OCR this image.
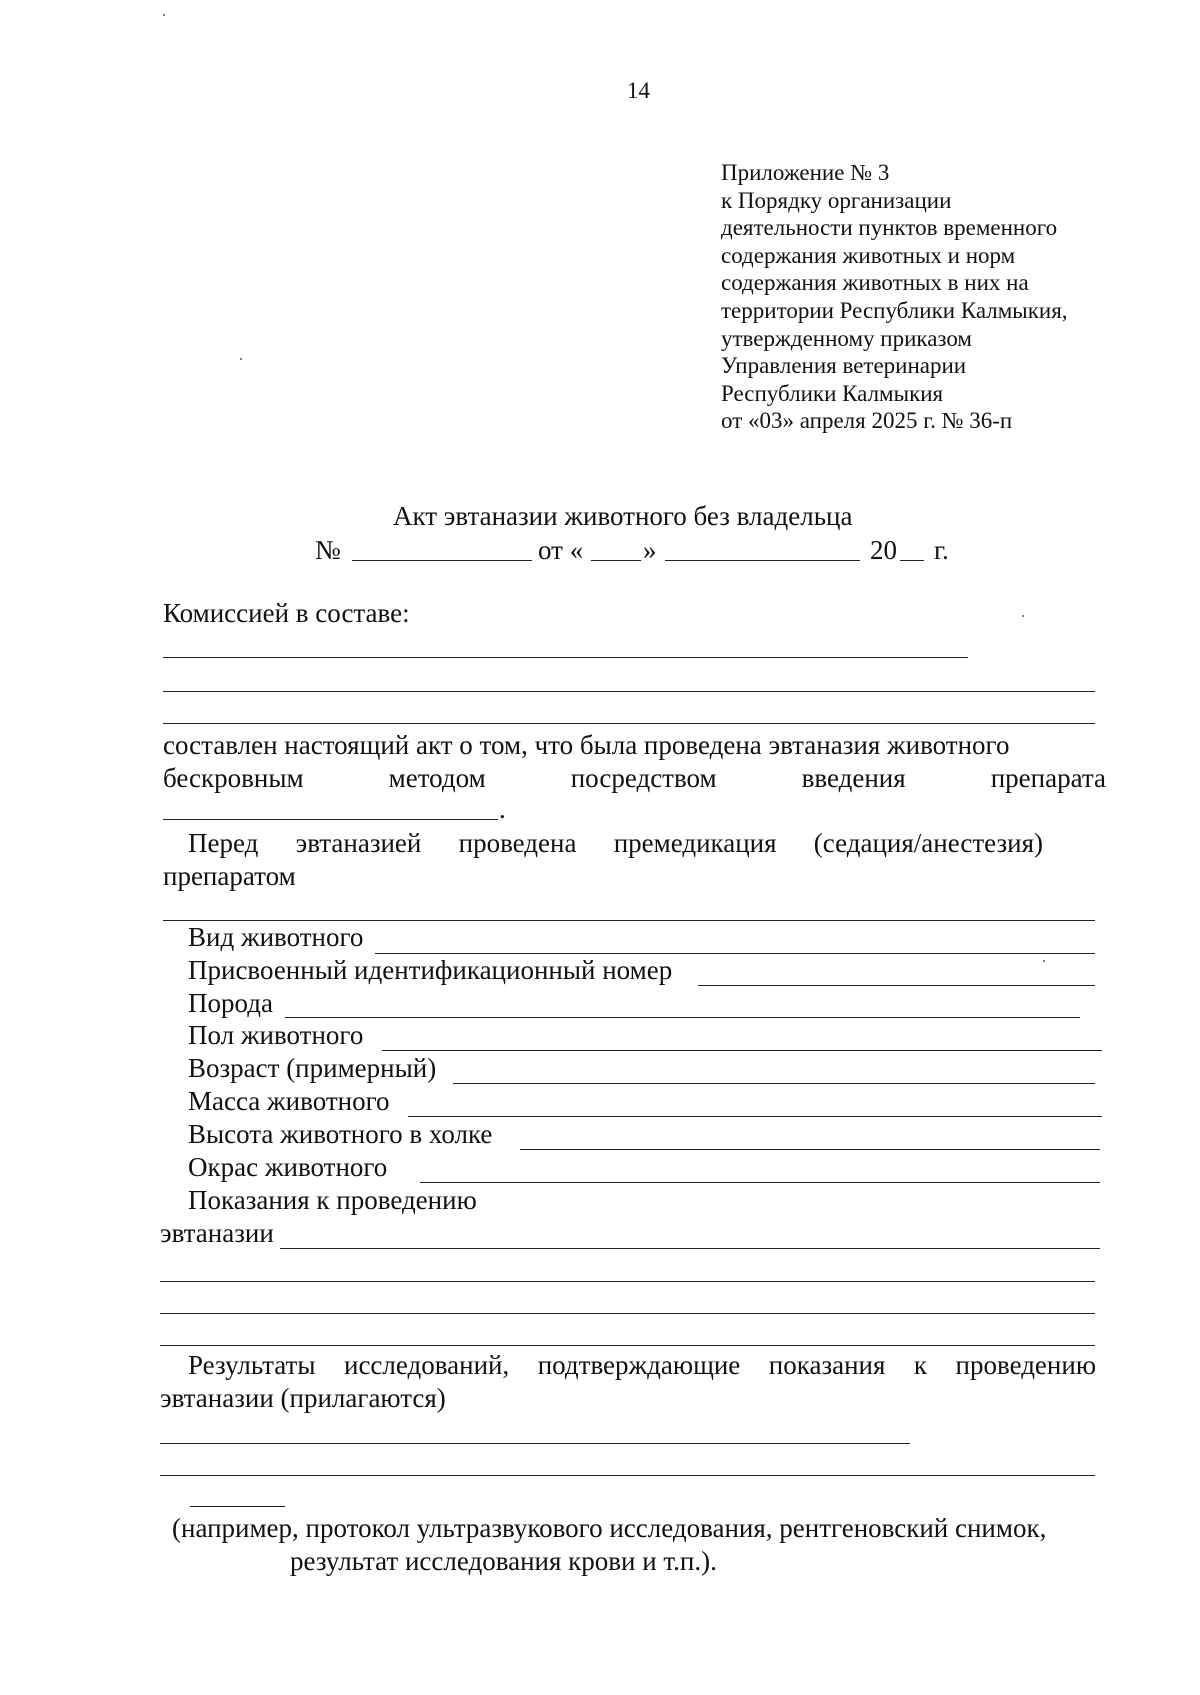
14
Приложение № 3
к Порядку организации
деятельности пунктов временного
содержания животных и норм
содержания животных в них на
территории Республики Калмыкия,
утвержденному приказом
Управления ветеринарии
Республики Калмыкия
от «03» апреля 2025 г. № 36-п
Акт эвтаназии животного без владельца
№	от « »	20 г.
Комиссией в составе:
составлен настоящий акт о том, что была проведена эвтаназия животного
бескровным	методом	посредством	введения	препарата
.
Перед эвтаназией проведена премедикация (седация/анестезия)
препаратом
Вид животного
Присвоенный идентификационный номер
Порода
Пол животного
Возраст (примерный)
Масса животного
Высота животного в холке
Окрас животного
Показания к проведению
эвтаназии
Результаты исследований, подтверждающие показания к проведению
эвтаназии (прилагаются)
(например, протокол ультразвукового исследования, рентгеновский снимок,
результат исследования крови и т.п.).
